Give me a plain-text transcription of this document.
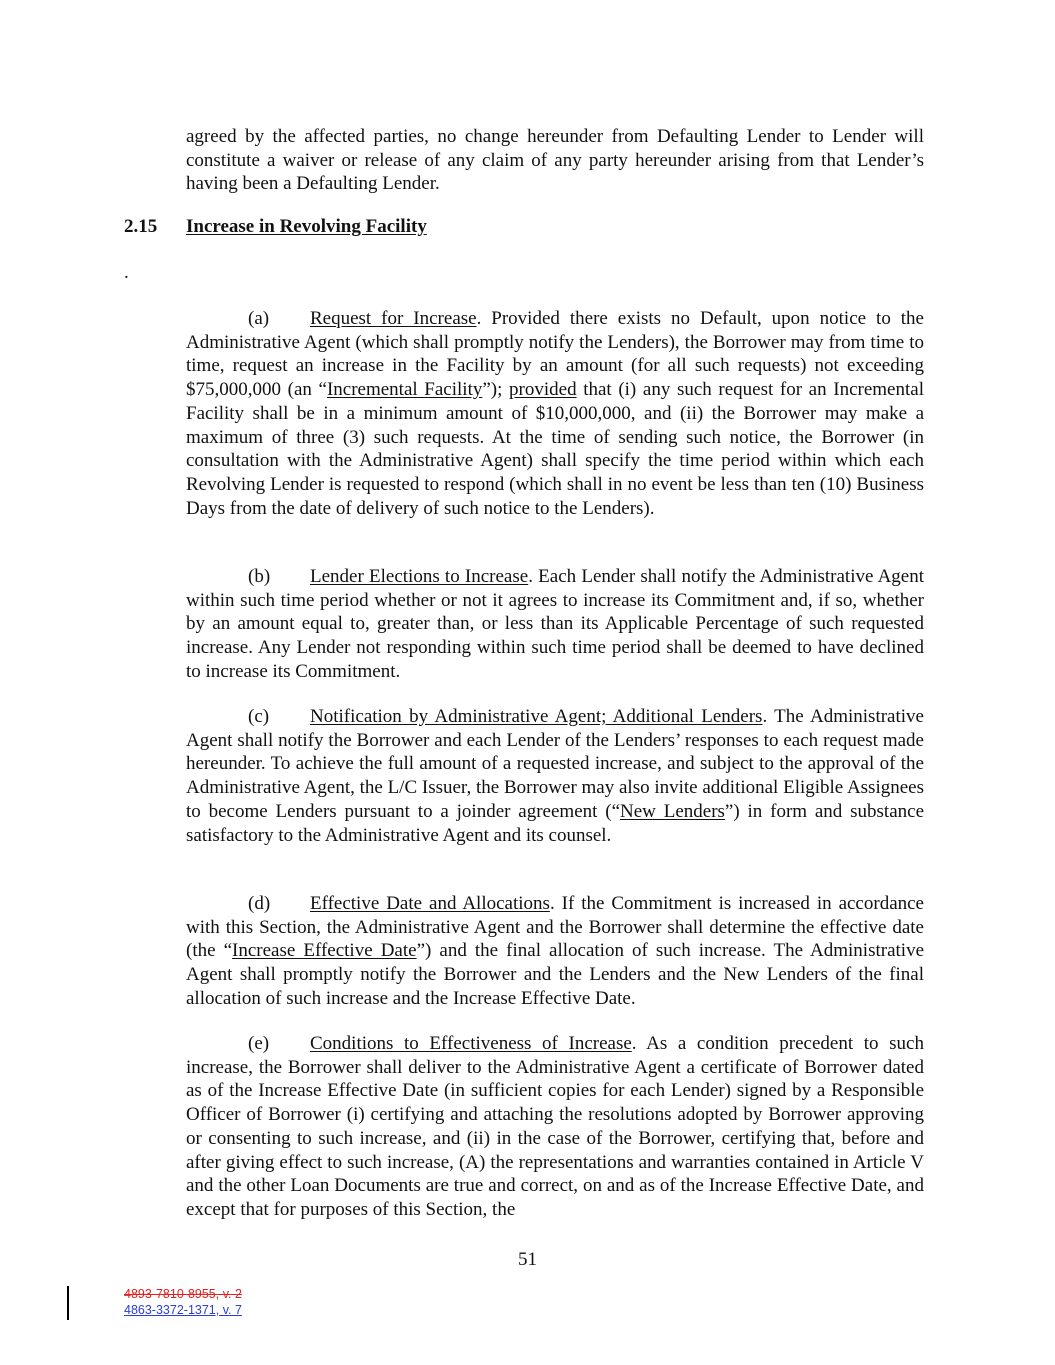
agreed by the affected parties, no change hereunder from Defaulting Lender to Lender will constitute a waiver or release of any claim of any party hereunder arising from that Lender’s having been a Defaulting Lender.

2.15 Increase in Revolving Facility
.

(a) Request for Increase. Provided there exists no Default, upon notice to the Administrative Agent (which shall promptly notify the Lenders), the Borrower may from time to time, request an increase in the Facility by an amount (for all such requests) not exceeding $75,000,000 (an “Incremental Facility”); provided that (i) any such request for an Incremental Facility shall be in a minimum amount of $10,000,000, and (ii) the Borrower may make a maximum of three (3) such requests. At the time of sending such notice, the Borrower (in consultation with the Administrative Agent) shall specify the time period within which each Revolving Lender is requested to respond (which shall in no event be less than ten (10) Business Days from the date of delivery of such notice to the Lenders).

(b) Lender Elections to Increase. Each Lender shall notify the Administrative Agent within such time period whether or not it agrees to increase its Commitment and, if so, whether by an amount equal to, greater than, or less than its Applicable Percentage of such requested increase. Any Lender not responding within such time period shall be deemed to have declined to increase its Commitment.

(c) Notification by Administrative Agent; Additional Lenders. The Administrative Agent shall notify the Borrower and each Lender of the Lenders’ responses to each request made hereunder. To achieve the full amount of a requested increase, and subject to the approval of the Administrative Agent, the L/C Issuer, the Borrower may also invite additional Eligible Assignees to become Lenders pursuant to a joinder agreement (“New Lenders”) in form and substance satisfactory to the Administrative Agent and its counsel.

(d) Effective Date and Allocations. If the Commitment is increased in accordance with this Section, the Administrative Agent and the Borrower shall determine the effective date (the “Increase Effective Date”) and the final allocation of such increase. The Administrative Agent shall promptly notify the Borrower and the Lenders and the New Lenders of the final allocation of such increase and the Increase Effective Date.

(e) Conditions to Effectiveness of Increase. As a condition precedent to such increase, the Borrower shall deliver to the Administrative Agent a certificate of Borrower dated as of the Increase Effective Date (in sufficient copies for each Lender) signed by a Responsible Officer of Borrower (i) certifying and attaching the resolutions adopted by Borrower approving or consenting to such increase, and (ii) in the case of the Borrower, certifying that, before and after giving effect to such increase, (A) the representations and warranties contained in Article V and the other Loan Documents are true and correct, on and as of the Increase Effective Date, and except that for purposes of this Section, the

51
4893-7810-8955, v. 2
4863-3372-1371, v. 7
